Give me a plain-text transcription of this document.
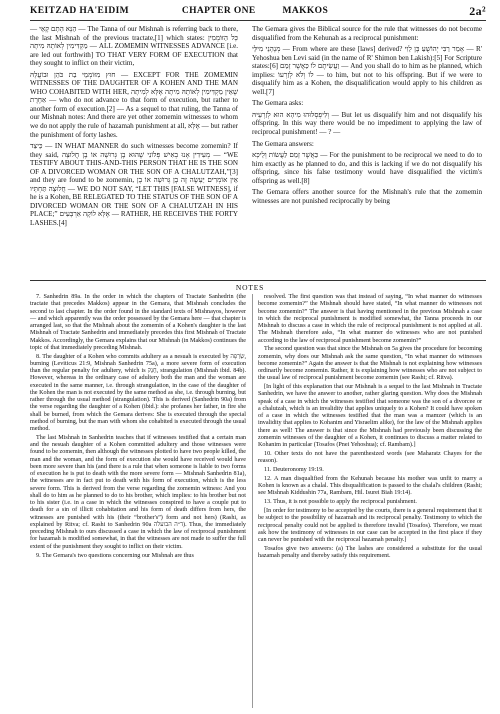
KEITZAD HA'EIDIM	CHAPTER ONE	MAKKOS	2a²

— הַנָּא הָתָם קָאֵי — The Tanna of our Mishnah is referring back to there, the last Mishnah of the previous tractate,[1] which states: כָּל הַזּוֹמְמִין מַקְדִּימִין לְאוֹתָהּ מִיתָה — ALL ZOMEMIN WITNESSES ADVANCE [i.e. are led out forthwith] TO THAT VERY FORM OF EXECUTION that they sought to inflict on their victim,

חוּץ מִזּוֹמְמֵי בַת כֹּהֵן וּבוֹעֲלָהּ — EXCEPT FOR THE ZOMEMIN WITNESSES OF THE DAUGHTER OF A KOHEN AND THE MAN WHO COHABITED WITH HER, שֶׁאֵין מַקְדִּימִין לְאוֹתָהּ מִיתָה אֶלָּא לְמִיתָה אַחֶרֶת — who do not advance to that form of execution, but rather to another form of execution.[2] — As a sequel to that ruling, the Tanna of our Mishnah notes: And there are yet other zomemin witnesses to whom we do not apply the rule of hazamah punishment at all, אֶלָּא — but rather the punishment of forty lashes.

כֵּיצַד — IN WHAT MANNER do such witnesses become zomemin? If they said, מְעִידִין אָנוּ בְאִישׁ פְּלוֹנִי שֶׁהוּא בֶן גְּרוּשָׁה אוֹ בֶן חֲלוּצָה — “WE TESTIFY ABOUT THIS-AND-THIS PERSON THAT HE IS THE SON OF A DIVORCED WOMAN OR THE SON OF A CHALUTZAH,”[3] and they are found to be zomemin, אֵין אוֹמְרִים יֵעָשֶׂה זֶה בֶן גְּרוּשָׁה אוֹ בֶן חֲלוּצָה תַּחְתָּיו — WE DO NOT SAY, “LET THIS [FALSE WITNESS], if he is a Kohen, BE RELEGATED TO THE STATUS OF THE SON OF A DIVORCED WOMAN OR THE SON OF A CHALUTZAH IN HIS PLACE;” אֶלָּא לוֹקֶה אַרְבָּעִים — RATHER, HE RECEIVES THE FORTY LASHES.[4]

The Gemara gives the Biblical source for the rule that witnesses do not become disqualified from the Kehunah as a reciprocal punishment:

מְנָהָנֵי מִילֵּי — From where are these [laws] derived? אָמַר רַבִּי יְהוֹשֻׁעַ בֶּן לֵוִי — R' Yehoshua ben Levi said (in the name of R' Shimon ben Lakish):[5] For Scripture states:[6] וַעֲשִׂיתֶם לוֹ כַּאֲשֶׁר זָמַם — And you shall do to him as he planned, which implies: לוֹ וְלֹא לְזַרְעוֹ — to him, but not to his offspring. But if we were to disqualify him as a Kohen, the disqualification would apply to his children as well.[7]

The Gemara asks:

וְלִיפְסְלוּהוּ מִיהָא הוּא לְזַרְעֵיהּ — But let us disqualify him and not disqualify his offspring. In this way there would be no impediment to applying the law of reciprocal punishment! — ? —

The Gemara answers:

כַּאֲשֶׁר זָמַם לַעֲשׂוֹת וְלֵיכָּא — For the punishment to be reciprocal we need to do to him exactly as he planned to do, and this is lacking if we do not disqualify his offspring, since his false testimony would have disqualified the victim's offspring as well.[8]

The Gemara offers another source for the Mishnah's rule that the zomemin witnesses are not punished reciprocally by being

NOTES

7. Sanhedrin 89a. In the order in which the chapters of Tractate Sanhedrin (the tractate that precedes Makkos) appear in the Gemara, that Mishnah concludes the second to last chapter. In the order found in the standard texts of Mishnayos, however — and which apparently was the order possessed by the Gemara here — that chapter is arranged last, so that the Mishnah about the zomemin of a Kohen's daughter is the last Mishnah of Tractate Sanhedrin and immediately precedes this first Mishnah of Tractate Makkos. Accordingly, the Gemara explains that our Mishnah (in Makkos) continues the topic of that immediately preceding Mishnah.

8. The daughter of a Kohen who commits adultery as a nesuah is executed by שְׂרֵפָה, burning (Leviticus 21:9, Mishnah Sanhedrin 75a), a more severe form of execution than the regular penalty for adultery, which is חֶנֶק, strangulation (Mishnah ibid. 84b). However, whereas in the ordinary case of adultery both the man and the woman are executed in the same manner, i.e. through strangulation, in the case of the daughter of the Kohen the man is not executed by the same method as she, i.e. through burning, but rather through the usual method (strangulation). This is derived (Sanhedrin 90a) from the verse regarding the daughter of a Kohen (ibid.): she profanes her father, in fire she shall be burned, from which the Gemara derives: She is executed through the special method of burning, but the man with whom she cohabited is executed through the usual method.

The last Mishnah in Sanhedrin teaches that if witnesses testified that a certain man and the nesuah daughter of a Kohen committed adultery and those witnesses were found to be zomemin, then although the witnesses plotted to have two people killed, the man and the woman, and the form of execution she would have received would have been more severe than his (and there is a rule that when someone is liable to two forms of execution he is put to death with the more severe form — Mishnah Sanhedrin 81a), the witnesses are in fact put to death with his form of execution, which is the less severe form. This is derived from the verse regarding the zomemin witness: And you shall do to him as he planned to do to his brother, which implies: to his brother but not to his sister (i.e. in a case in which the witnesses conspired to have a couple put to death for a sin of illicit cohabitation and his form of death differs from hers, the witnesses are punished with his (their “brother's”) form and not hers) (Rashi, as explained by Ritva; cf. Rashi to Sanhedrin 90a ד״ה הבועלה). Thus, the immediately preceding Mishnah to ours discussed a case in which the law of reciprocal punishment for hazamah is modified somewhat, in that the witnesses are not made to suffer the full extent of the punishment they sought to inflict on their victim.

9. The Gemara's two questions concerning our Mishnah are thus

resolved. The first question was that instead of saying, “In what manner do witnesses become zomemin?” the Mishnah should have stated, “In what manner do witnesses not become zomemin?” The answer is that having mentioned in the previous Mishnah a case in which the reciprocal punishment is modified somewhat, the Tanna proceeds in our Mishnah to discuss a case in which the rule of reciprocal punishment is not applied at all. The Mishnah therefore asks, “In what manner do witnesses who are not punished according to the law of reciprocal punishment become zomemin?”

The second question was that since the Mishnah on 5a gives the procedure for becoming zomemin, why does our Mishnah ask the same question, “In what manner do witnesses become zomemin?” Again the answer is that the Mishnah is not explaining how witnesses ordinarily become zomemin. Rather, it is explaining how witnesses who are not subject to the usual law of reciprocal punishment become zomemin (see Rashi; cf. Ritva).

[In light of this explanation that our Mishnah is a sequel to the last Mishnah in Tractate Sanhedrin, we have the answer to another, rather glaring question. Why does the Mishnah speak of a case in which the witnesses testified that someone was the son of a divorcee or a chalutzah, which is an invalidity that applies uniquely to a Kohen? It could have spoken of a case in which the witnesses testified that the man was a mamzer (which is an invalidity that applies to Kohanim and Yisraelim alike), for the law of the Mishnah applies there as well! The answer is that since the Mishnah had previously been discussing the zomemin witnesses of the daughter of a Kohen, it continues to discuss a matter related to Kohanim in particular (Tosafos (Pnei Yehoshua); cf. Rambam).]

10. Other texts do not have the parenthesized words (see Maharatz Chayes for the reason).

11. Deuteronomy 19:19.

12. A man disqualified from the Kehunah because his mother was unfit to marry a Kohen is known as a chalal. This disqualification is passed to the chalal's children (Rashi; see Mishnah Kiddushin 77a, Rambam, Hil. Isurei Biah 19:14).

13. Thus, it is not possible to apply the reciprocal punishment.

[In order for testimony to be accepted by the courts, there is a general requirement that it be subject to the possibility of hazamah and its reciprocal penalty. Testimony to which the reciprocal penalty could not be applied is therefore invalid (Tosafos). Therefore, we must ask how the testimony of witnesses in our case can be accepted in the first place if they can never be punished with the reciprocal hazamah penalty.]

Tosafos give two answers: (a) The lashes are considered a substitute for the usual hazamah penalty and thereby satisfy this requirement.
